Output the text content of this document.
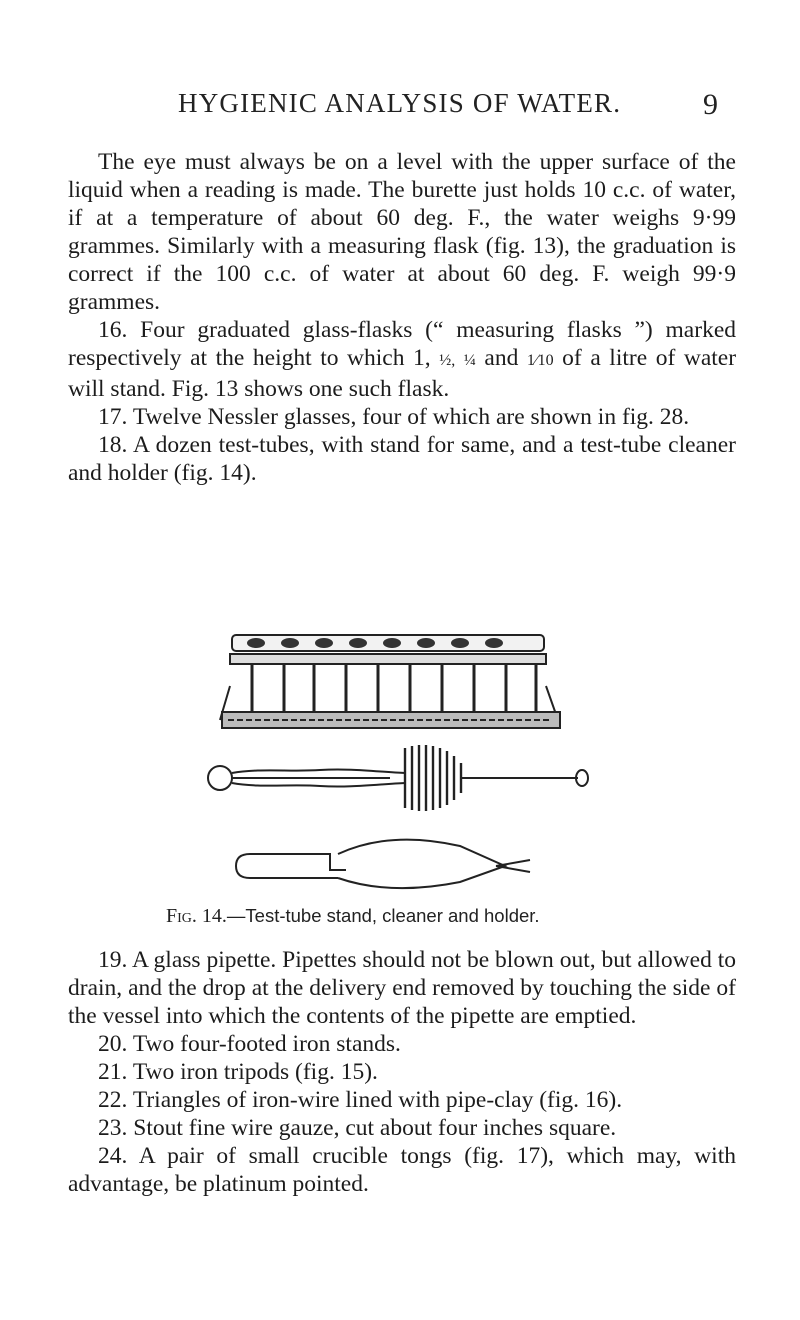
HYGIENIC ANALYSIS OF WATER.	9

The eye must always be on a level with the upper surface of the liquid when a reading is made. The burette just holds 10 c.c. of water, if at a temperature of about 60 deg. F., the water weighs 9·99 grammes. Similarly with a measuring flask (fig. 13), the graduation is correct if the 100 c.c. of water at about 60 deg. F. weigh 99·9 grammes.

16. Four graduated glass-flasks (“ measuring flasks ”) marked respectively at the height to which 1, ½, ¼ and 1⁄10 of a litre of water will stand. Fig. 13 shows one such flask.

17. Twelve Nessler glasses, four of which are shown in fig. 28.

18. A dozen test-tubes, with stand for same, and a test-tube cleaner and holder (fig. 14).

Fig. 14.—Test-tube stand, cleaner and holder.

19. A glass pipette. Pipettes should not be blown out, but allowed to drain, and the drop at the delivery end removed by touching the side of the vessel into which the contents of the pipette are emptied.

20. Two four-footed iron stands.

21. Two iron tripods (fig. 15).

22. Triangles of iron-wire lined with pipe-clay (fig. 16).

23. Stout fine wire gauze, cut about four inches square.

24. A pair of small crucible tongs (fig. 17), which may, with advantage, be platinum pointed.
